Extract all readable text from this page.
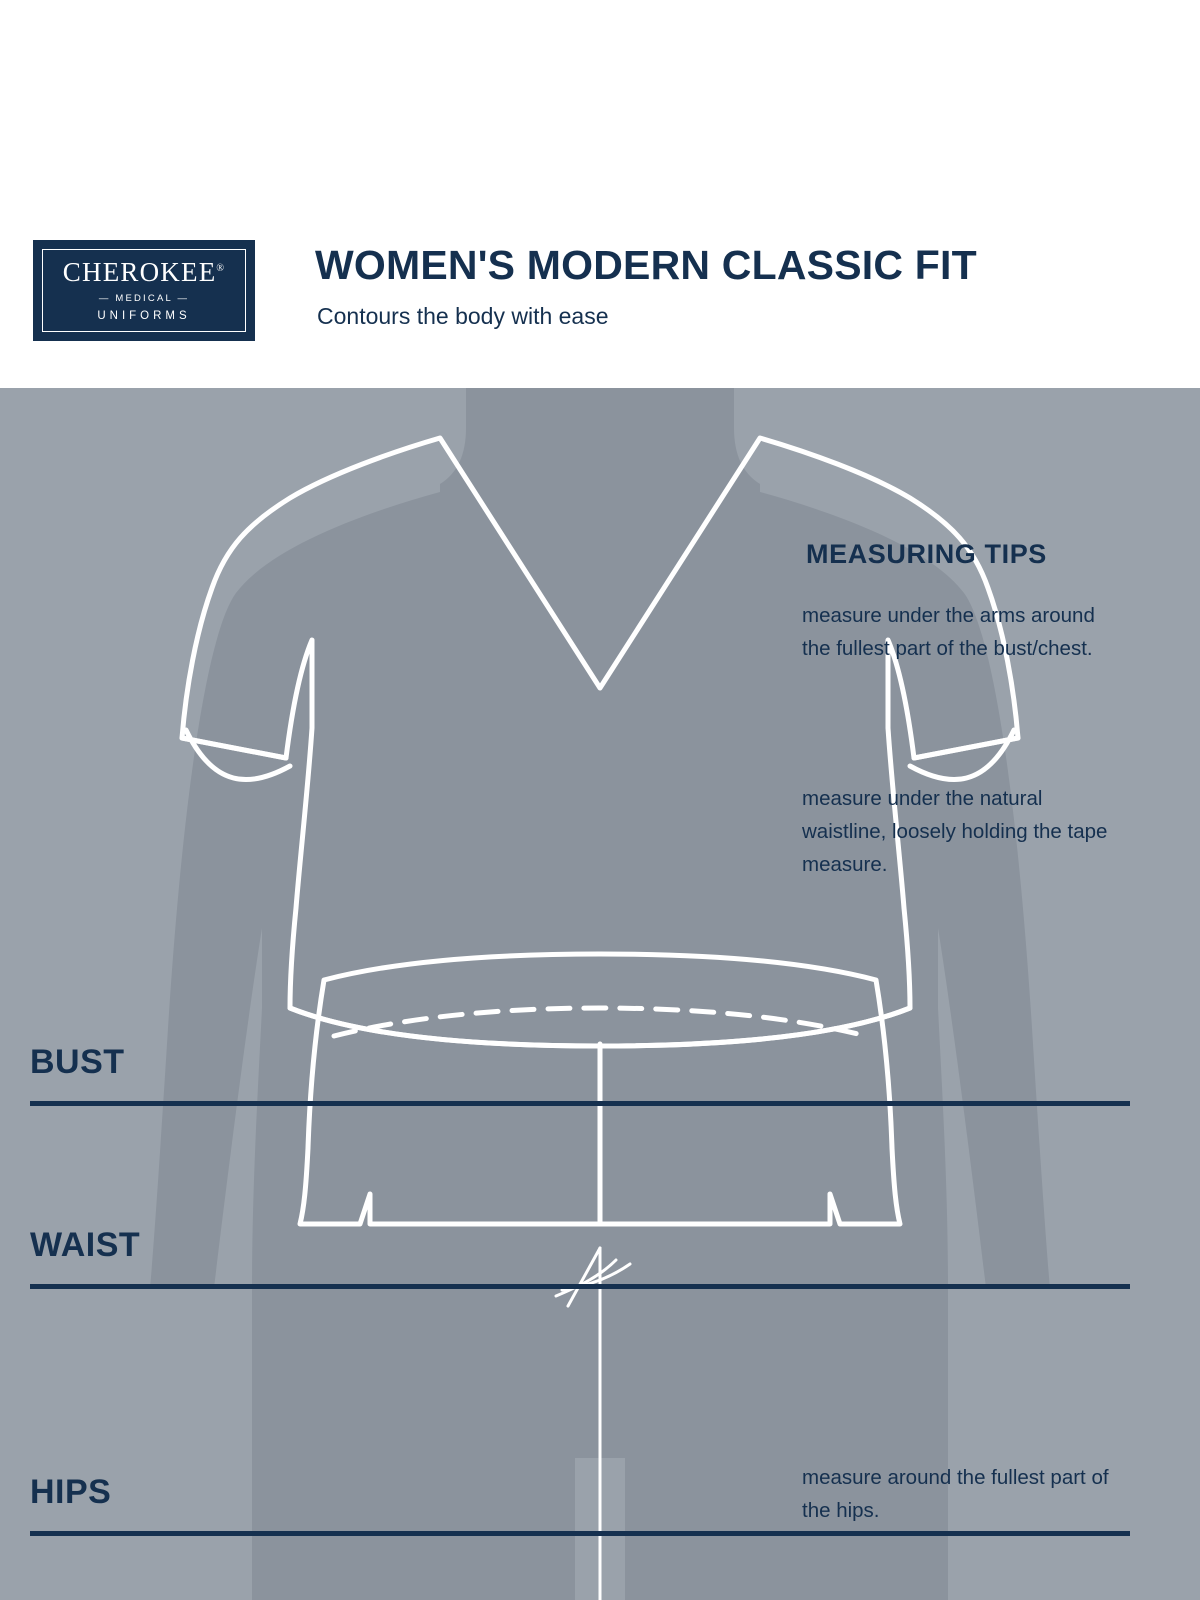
CHEROKEE®
— MEDICAL —
UNIFORMS
WOMEN'S MODERN CLASSIC FIT
Contours the body with ease
BUST
measure under the arms around the fullest part of the bust/chest.
WAIST
measure under the natural waistline, loosely holding the tape measure.
HIPS	measure around the fullest part of the hips.
MEASURING TIPS
